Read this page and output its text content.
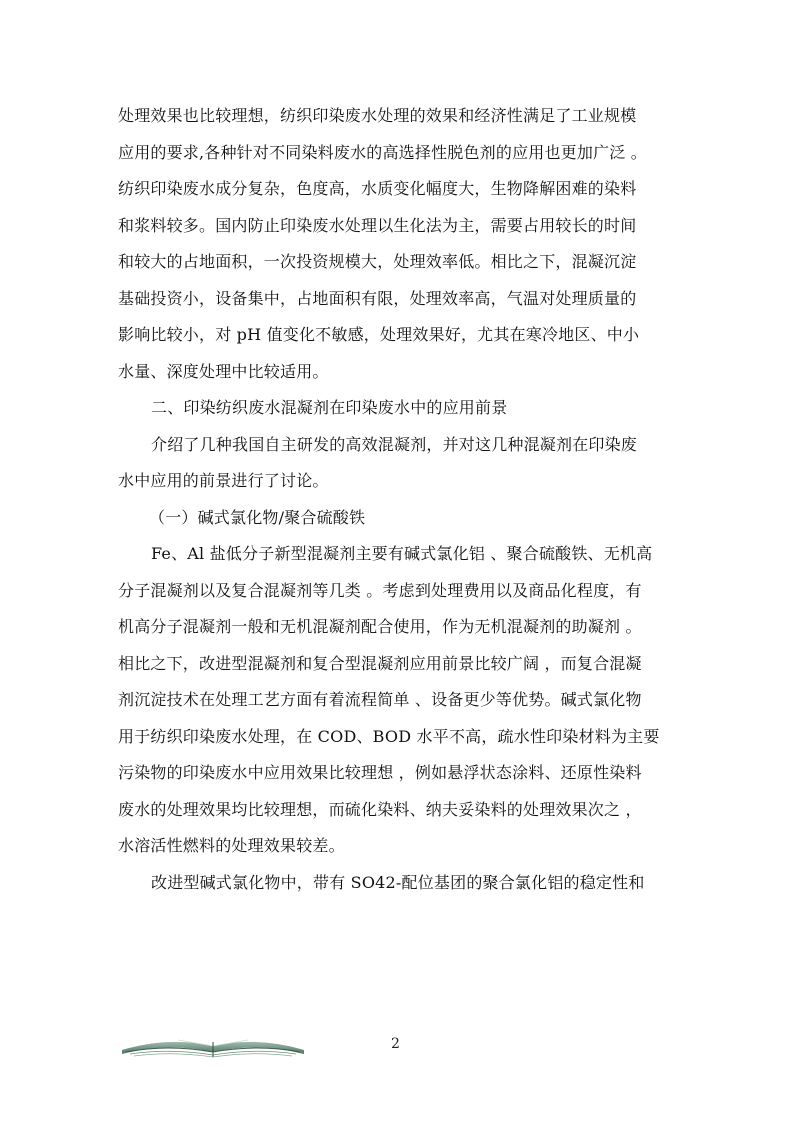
处理效果也比较理想，纺织印染废水处理的效果和经济性满足了工业规模
应用的要求,各种针对不同染料废水的高选择性脱色剂的应用也更加广泛 。
纺织印染废水成分复杂，色度高，水质变化幅度大，生物降解困难的染料
和浆料较多。国内防止印染废水处理以生化法为主，需要占用较长的时间
和较大的占地面积，一次投资规模大，处理效率低。相比之下，混凝沉淀
基础投资小，设备集中，占地面积有限，处理效率高，气温对处理质量的
影响比较小，对 pH 值变化不敏感，处理效果好，尤其在寒冷地区、中小
水量、深度处理中比较适用。
二、印染纺织废水混凝剂在印染废水中的应用前景
介绍了几种我国自主研发的高效混凝剂，并对这几种混凝剂在印染废
水中应用的前景进行了讨论。
（一）碱式氯化物/聚合硫酸铁
Fe、Al 盐低分子新型混凝剂主要有碱式氯化铝 、聚合硫酸铁、无机高
分子混凝剂以及复合混凝剂等几类 。考虑到处理费用以及商品化程度，有
机高分子混凝剂一般和无机混凝剂配合使用，作为无机混凝剂的助凝剂 。
相比之下，改进型混凝剂和复合型混凝剂应用前景比较广阔 ，而复合混凝
剂沉淀技术在处理工艺方面有着流程简单 、设备更少等优势。碱式氯化物
用于纺织印染废水处理，在 COD、BOD 水平不高，疏水性印染材料为主要
污染物的印染废水中应用效果比较理想 ，例如悬浮状态涂料、还原性染料
废水的处理效果均比较理想，而硫化染料、纳夫妥染料的处理效果次之 ，
水溶活性燃料的处理效果较差。
改进型碱式氯化物中，带有 SO42-配位基团的聚合氯化铝的稳定性和
2
